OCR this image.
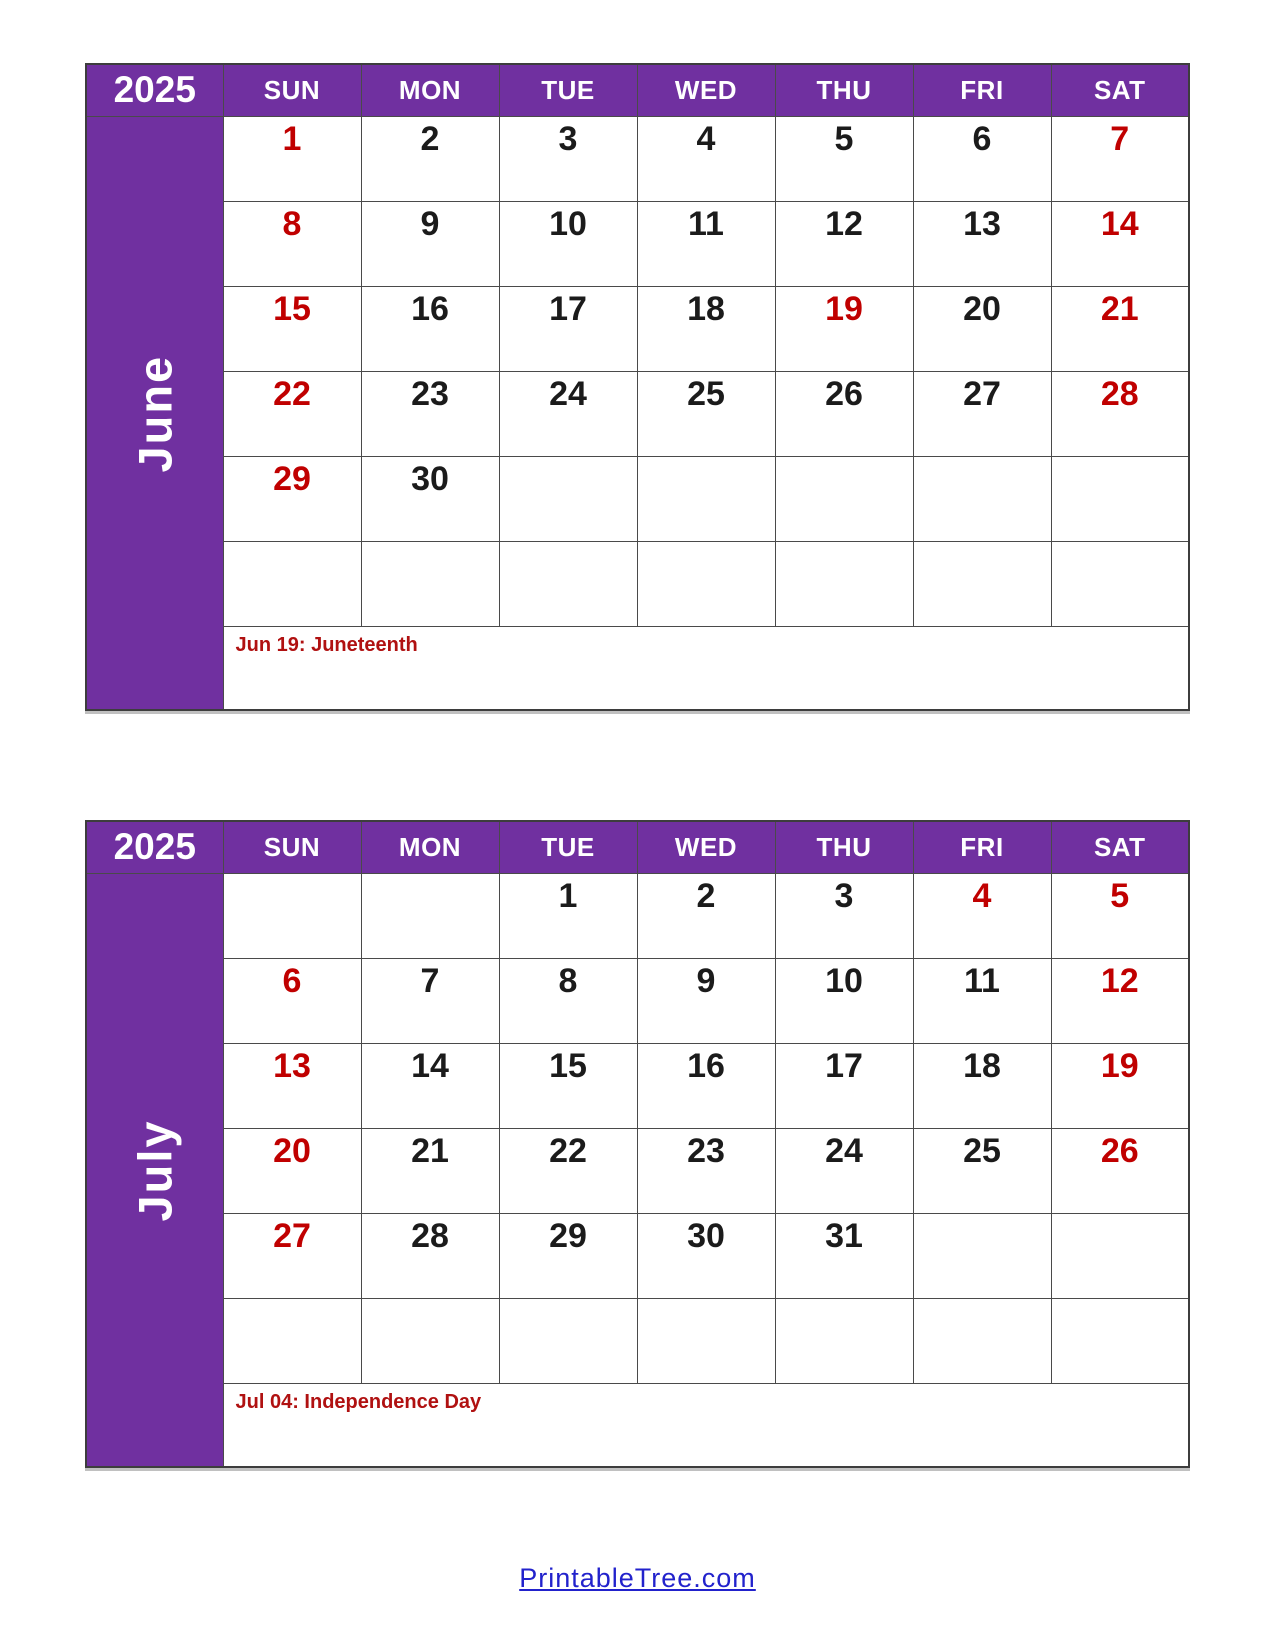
2025	SUN	MON	TUE	WED	THU	FRI	SAT

June	1	2	3	4	5	6	7
	8	9	10	11	12	13	14
	15	16	17	18	19	20	21
	22	23	24	25	26	27	28
	29	30					

	Jun 19: Juneteenth						
2025	SUN	MON	TUE	WED	THU	FRI	SAT

July			1	2	3	4	5
	6	7	8	9	10	11	12
	13	14	15	16	17	18	19
	20	21	22	23	24	25	26
	27	28	29	30	31		

	Jul 04: Independence Day						
PrintableTree.com
